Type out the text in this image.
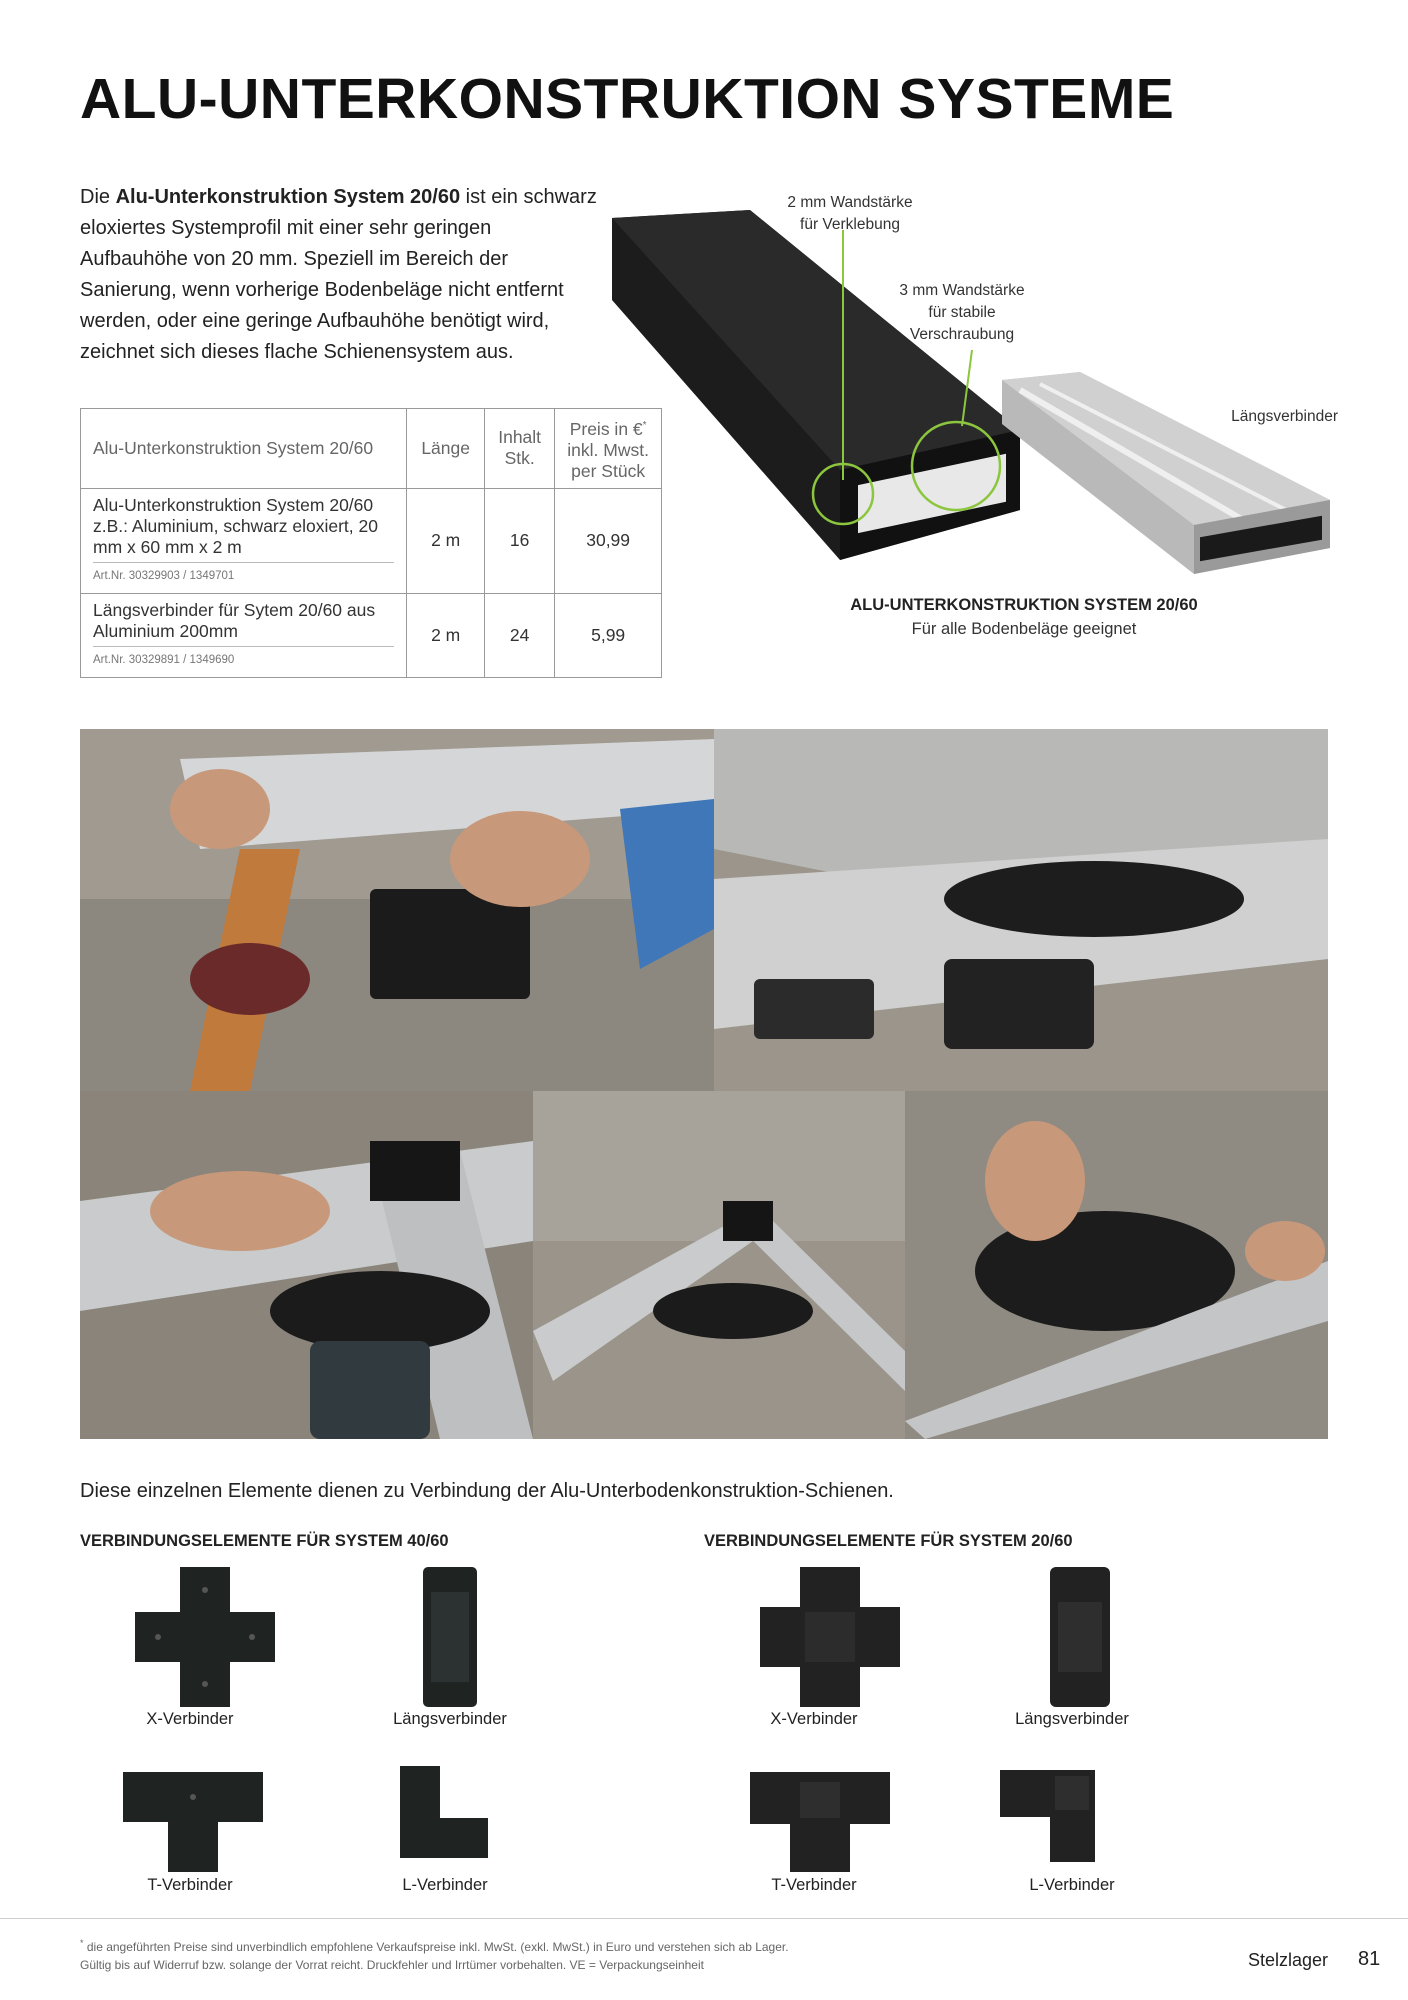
ALU-UNTERKONSTRUKTION SYSTEME

Die Alu-Unterkonstruktion System 20/60 ist ein schwarz eloxiertes Systemprofil mit einer sehr geringen Aufbauhöhe von 20 mm. Speziell im Bereich der Sanierung, wenn vorherige Bodenbeläge nicht entfernt werden, oder eine geringe Aufbauhöhe benötigt wird, zeichnet sich dieses flache Schienensystem aus.

Alu-Unterkonstruktion System 20/60	Länge	Inhalt Stk.	Preis in €*
inkl. Mwst.
per Stück
Alu-Unterkonstruktion System 20/60 z.B.: Aluminium, schwarz eloxiert, 20 mm x 60 mm x 2 m
Art.Nr. 30329903 / 1349701	2 m	16	30,99
Längsverbinder für Sytem 20/60 aus Aluminium 200mm
Art.Nr. 30329891 / 1349690	2 m	24	5,99
2 mm Wandstärke
für Verklebung
3 mm Wandstärke
für stabile
Verschraubung
Längsverbinder
ALU-UNTERKONSTRUKTION SYSTEM 20/60
Für alle Bodenbeläge geeignet

Diese einzelnen Elemente dienen zu Verbindung der Alu-Unterbodenkonstruktion-Schienen.

VERBINDUNGSELEMENTE FÜR SYSTEM 40/60	VERBINDUNGSELEMENTE FÜR SYSTEM 20/60
X-Verbinder	Längsverbinder
T-Verbinder	L-Verbinder
X-Verbinder	Längsverbinder
T-Verbinder	L-Verbinder
* die angeführten Preise sind unverbindlich empfohlene Verkaufspreise inkl. MwSt. (exkl. MwSt.) in Euro und verstehen sich ab Lager.
Gültig bis auf Widerruf bzw. solange der Vorrat reicht. Druckfehler und Irrtümer vorbehalten. VE = Verpackungseinheit	Stelzlager 81
